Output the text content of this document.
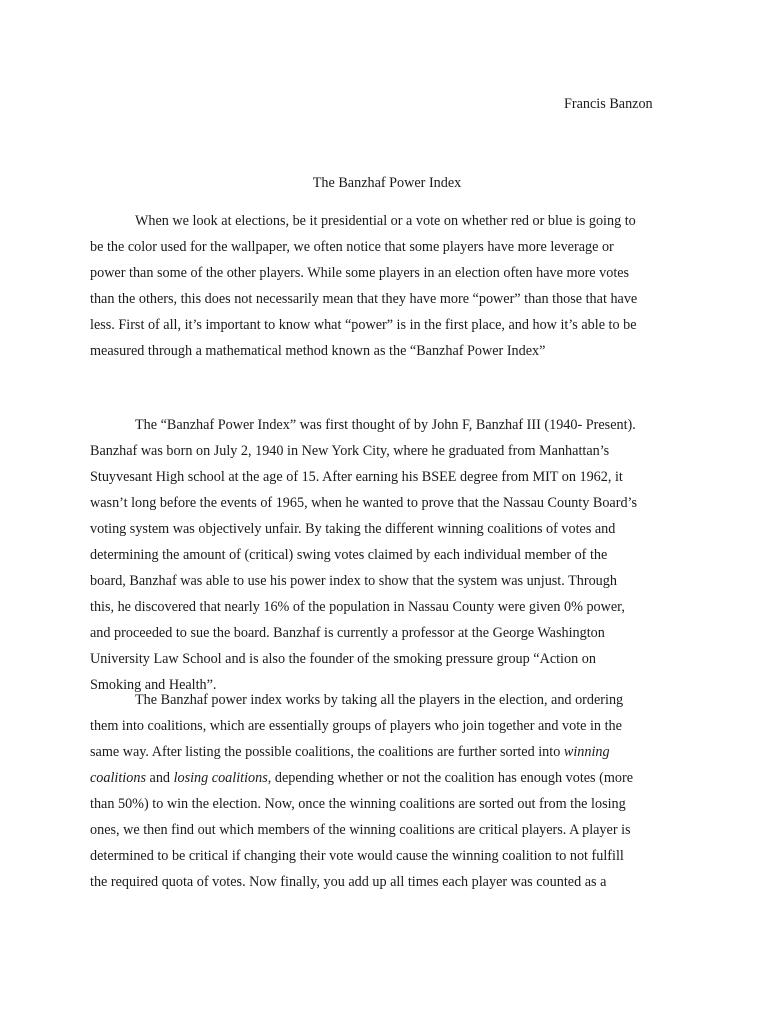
Francis Banzon
The Banzhaf Power Index
When we look at elections, be it presidential or a vote on whether red or blue is going to
be the color used for the wallpaper, we often notice that some players have more leverage or
power than some of the other players. While some players in an election often have more votes
than the others, this does not necessarily mean that they have more “power” than those that have
less. First of all, it’s important to know what “power” is in the first place, and how it’s able to be
measured through a mathematical method known as the “Banzhaf Power Index”
The “Banzhaf Power Index” was first thought of by John F, Banzhaf III (1940- Present).
Banzhaf was born on July 2, 1940 in New York City, where he graduated from Manhattan’s
Stuyvesant High school at the age of 15. After earning his BSEE degree from MIT on 1962, it
wasn’t long before the events of 1965, when he wanted to prove that the Nassau County Board’s
voting system was objectively unfair. By taking the different winning coalitions of votes and
determining the amount of (critical) swing votes claimed by each individual member of the
board, Banzhaf was able to use his power index to show that the system was unjust. Through
this, he discovered that nearly 16% of the population in Nassau County were given 0% power,
and proceeded to sue the board. Banzhaf is currently a professor at the George Washington
University Law School and is also the founder of the smoking pressure group “Action on
Smoking and Health”.
The Banzhaf power index works by taking all the players in the election, and ordering
them into coalitions, which are essentially groups of players who join together and vote in the
same way. After listing the possible coalitions, the coalitions are further sorted into winning
coalitions and losing coalitions, depending whether or not the coalition has enough votes (more
than 50%) to win the election. Now, once the winning coalitions are sorted out from the losing
ones, we then find out which members of the winning coalitions are critical players. A player is
determined to be critical if changing their vote would cause the winning coalition to not fulfill
the required quota of votes. Now finally, you add up all times each player was counted as a
